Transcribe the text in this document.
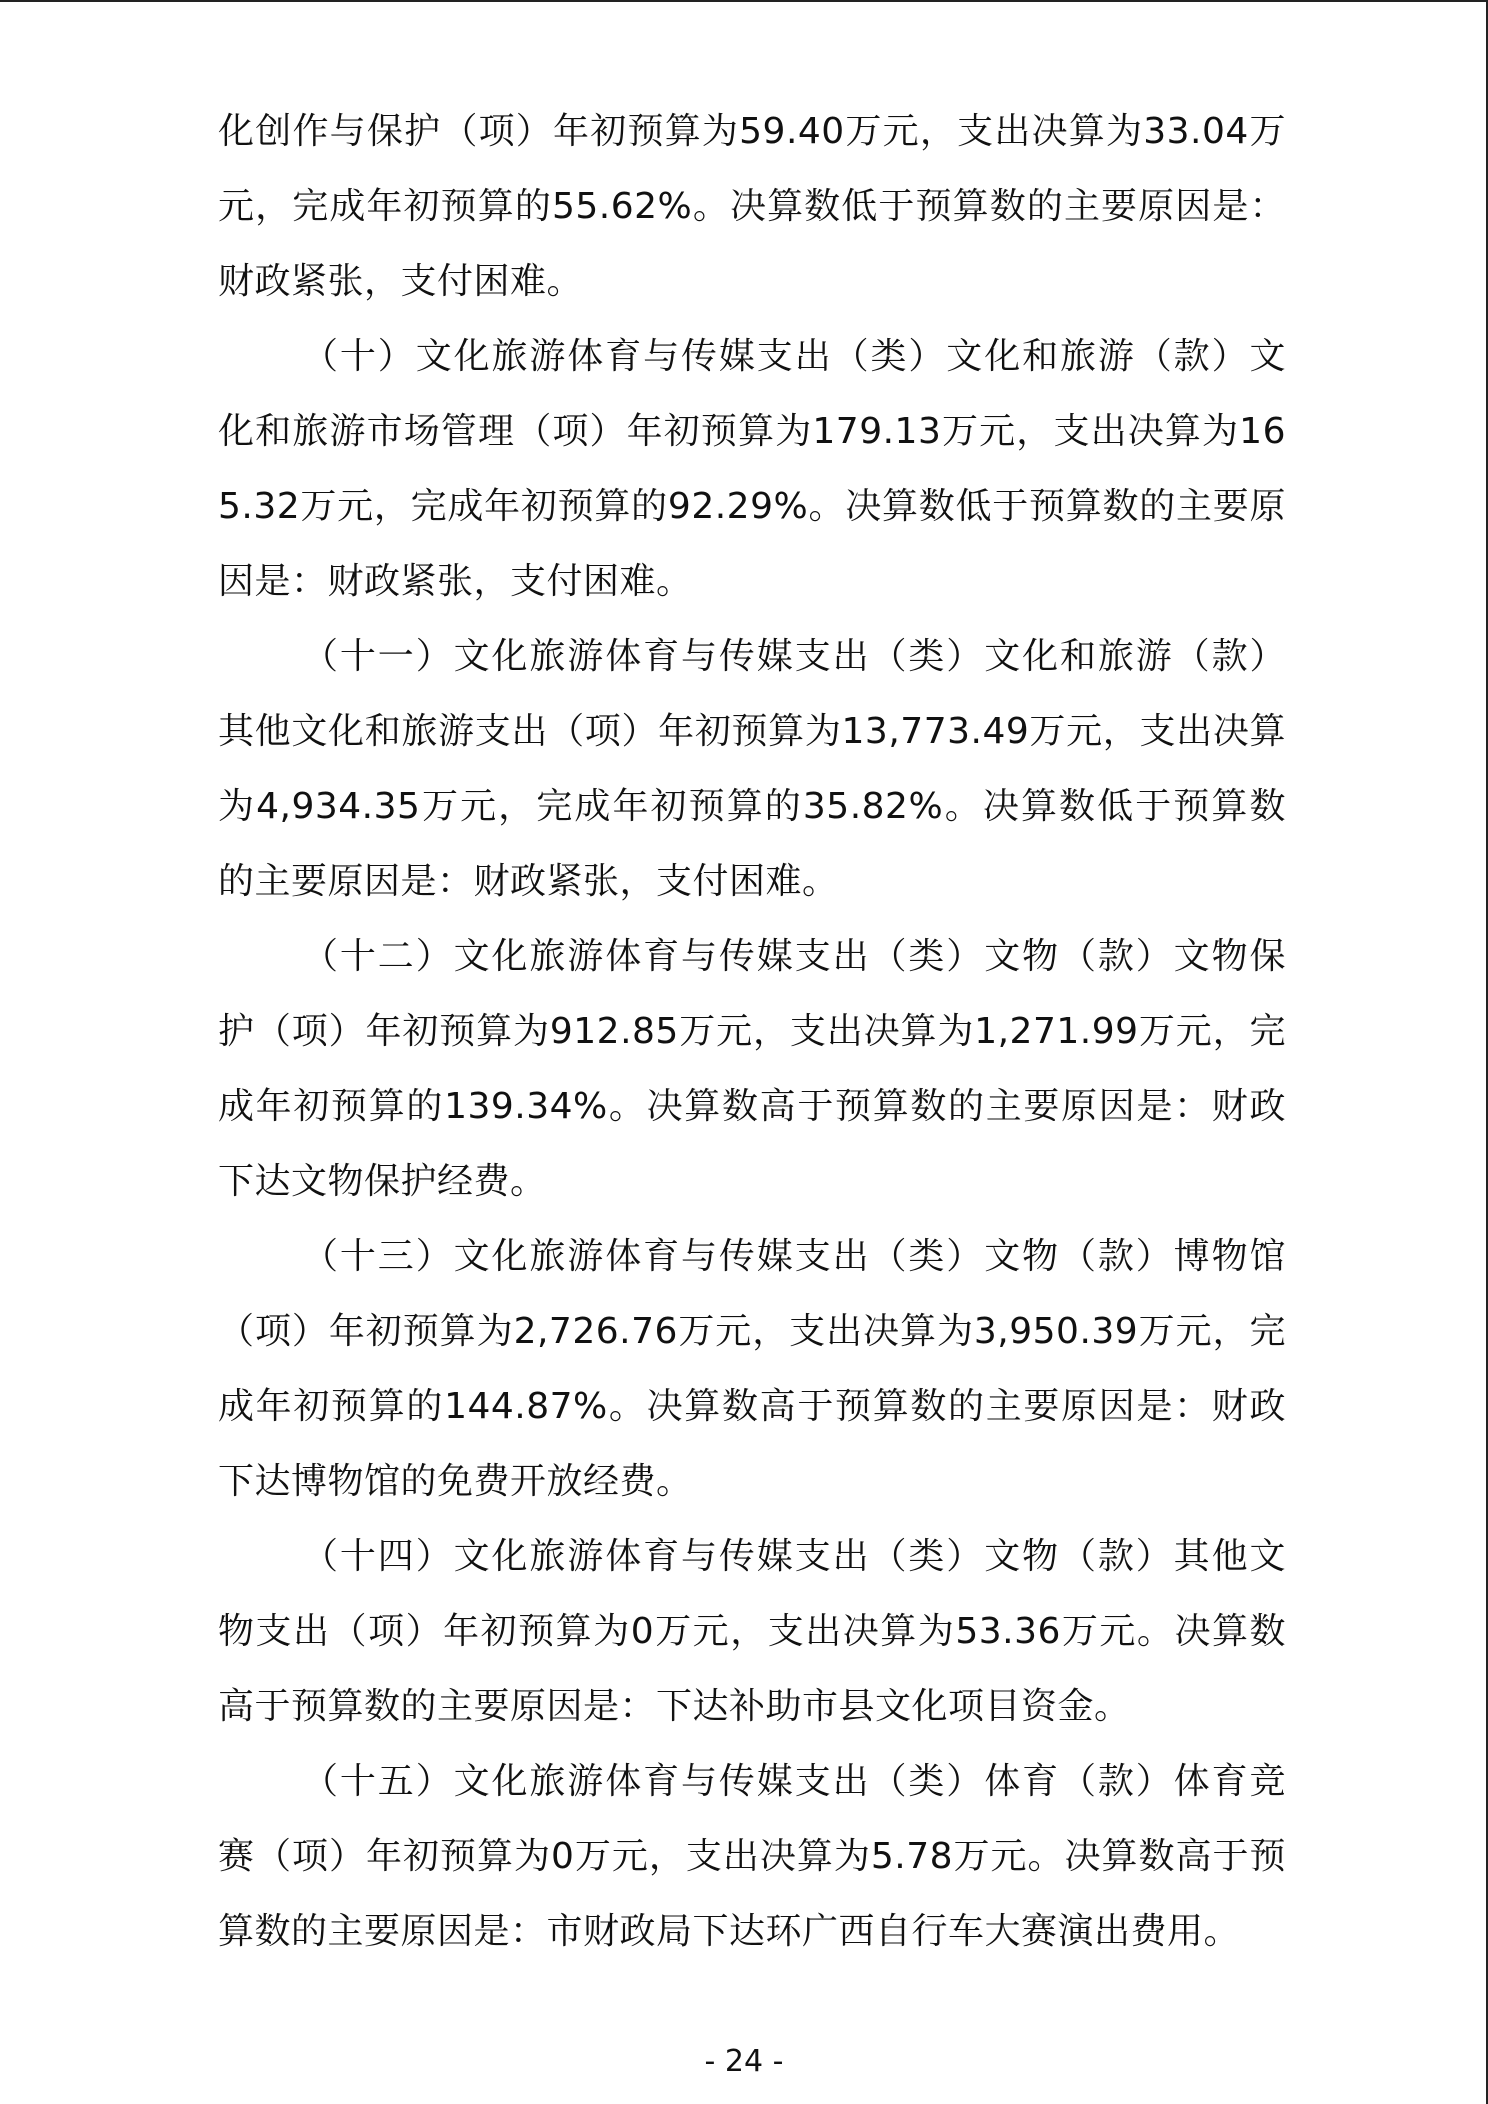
化创作与保护（项）年初预算为59.40万元，支出决算为33.04万元，完成年初预算的55.62%。决算数低于预算数的主要原因是：财政紧张，支付困难。

（十）文化旅游体育与传媒支出（类）文化和旅游（款）文化和旅游市场管理（项）年初预算为179.13万元，支出决算为165.32万元，完成年初预算的92.29%。决算数低于预算数的主要原因是：财政紧张，支付困难。

（十一）文化旅游体育与传媒支出（类）文化和旅游（款）其他文化和旅游支出（项）年初预算为13,773.49万元，支出决算为4,934.35万元，完成年初预算的35.82%。决算数低于预算数的主要原因是：财政紧张，支付困难。

（十二）文化旅游体育与传媒支出（类）文物（款）文物保护（项）年初预算为912.85万元，支出决算为1,271.99万元，完成年初预算的139.34%。决算数高于预算数的主要原因是：财政下达文物保护经费。

（十三）文化旅游体育与传媒支出（类）文物（款）博物馆（项）年初预算为2,726.76万元，支出决算为3,950.39万元，完成年初预算的144.87%。决算数高于预算数的主要原因是：财政下达博物馆的免费开放经费。

（十四）文化旅游体育与传媒支出（类）文物（款）其他文物支出（项）年初预算为0万元，支出决算为53.36万元。决算数高于预算数的主要原因是：下达补助市县文化项目资金。

（十五）文化旅游体育与传媒支出（类）体育（款）体育竞赛（项）年初预算为0万元，支出决算为5.78万元。决算数高于预算数的主要原因是：市财政局下达环广西自行车大赛演出费用。

- 24 -
